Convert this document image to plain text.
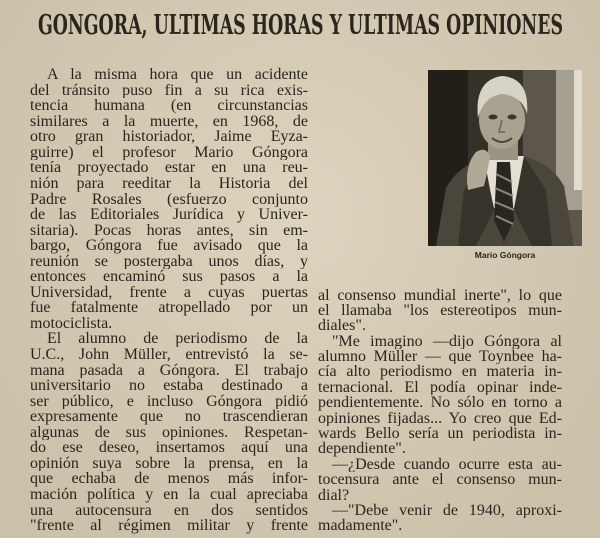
GONGORA, ULTIMAS HORAS Y ULTIMAS OPINIONES
A la misma hora que un acidente
del tránsito puso fin a su rica exis-
tencia humana (en circunstancias
similares a la muerte, en 1968, de
otro gran historiador, Jaime Eyza-
guirre) el profesor Mario Góngora
tenía proyectado estar en una reu-
nión para reeditar la Historia del
Padre Rosales (esfuerzo conjunto
de las Editoriales Jurídica y Univer-
sitaria). Pocas horas antes, sin em-
bargo, Góngora fue avisado que la
reunión se postergaba unos días, y
entonces encaminó sus pasos a la
Universidad, frente a cuyas puertas
fue fatalmente atropellado por un
motociclista.
El alumno de periodismo de la
U.C., John Müller, entrevistó la se-
mana pasada a Góngora. El trabajo
universitario no estaba destinado a
ser público, e incluso Góngora pidió
expresamente que no trascendieran
algunas de sus opiniones. Respetan-
do ese deseo, insertamos aquí una
opinión suya sobre la prensa, en la
que echaba de menos más infor-
mación política y en la cual apreciaba
una autocensura en dos sentidos
"frente al régimen militar y frente
Mario Góngora
al consenso mundial inerte", lo que
el llamaba "los estereotipos mun-
diales".
"Me imagino —dijo Góngora al
alumno Müller — que Toynbee ha-
cía alto periodismo en materia in-
ternacional. El podía opinar inde-
pendientemente. No sólo en torno a
opiniones fijadas... Yo creo que Ed-
wards Bello sería un periodista in-
dependiente".
—¿Desde cuando ocurre esta au-
tocensura ante el consenso mun-
dial?
—"Debe venir de 1940, aproxi-
madamente".
